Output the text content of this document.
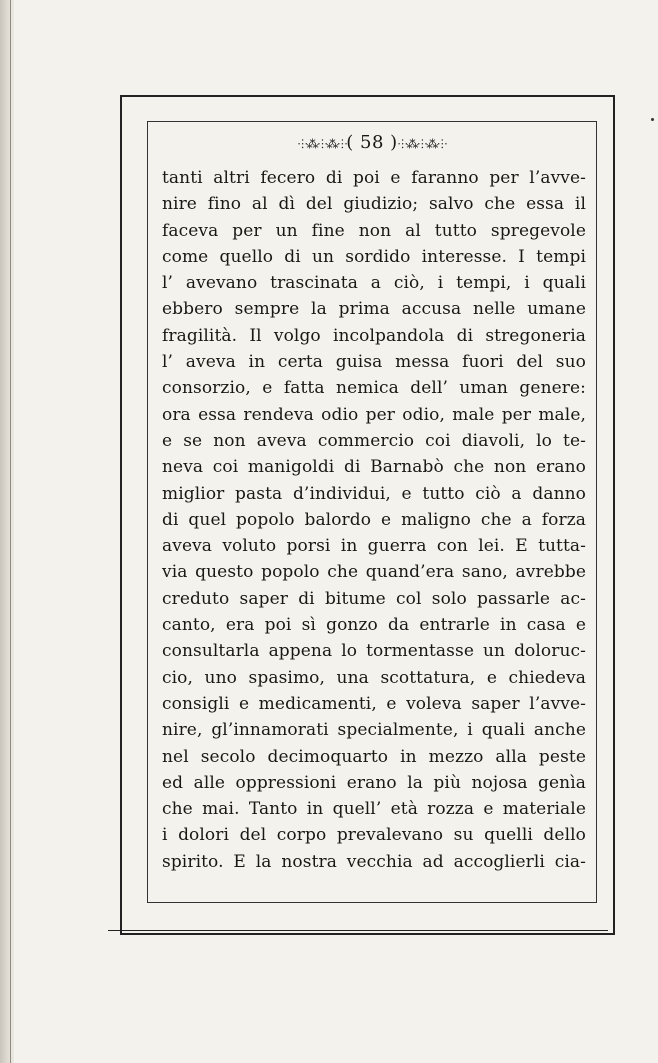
⸭⁂⸭⁂⸭( 58 )⸭⁂⸭⁂⸭
tanti altri fecero di poi e faranno per l’avve-
nire fino al dì del giudizio; salvo che essa il
faceva per un fine non al tutto spregevole
come quello di un sordido interesse. I tempi
l’ avevano trascinata a ciò, i tempi, i quali
ebbero sempre la prima accusa nelle umane
fragilità. Il volgo incolpandola di stregoneria
l’ aveva in certa guisa messa fuori del suo
consorzio, e fatta nemica dell’ uman genere:
ora essa rendeva odio per odio, male per male,
e se non aveva commercio coi diavoli, lo te-
neva coi manigoldi di Barnabò che non erano
miglior pasta d’individui, e tutto ciò a danno
di quel popolo balordo e maligno che a forza
aveva voluto porsi in guerra con lei. E tutta-
via questo popolo che quand’era sano, avrebbe
creduto saper di bitume col solo passarle ac-
canto, era poi sì gonzo da entrarle in casa e
consultarla appena lo tormentasse un doloruc-
cio, uno spasimo, una scottatura, e chiedeva
consigli e medicamenti, e voleva saper l’avve-
nire, gl’innamorati specialmente, i quali anche
nel secolo decimoquarto in mezzo alla peste
ed alle oppressioni erano la più nojosa genìa
che mai. Tanto in quell’ età rozza e materiale
i dolori del corpo prevalevano su quelli dello
spirito. E la nostra vecchia ad accoglierli cia-
